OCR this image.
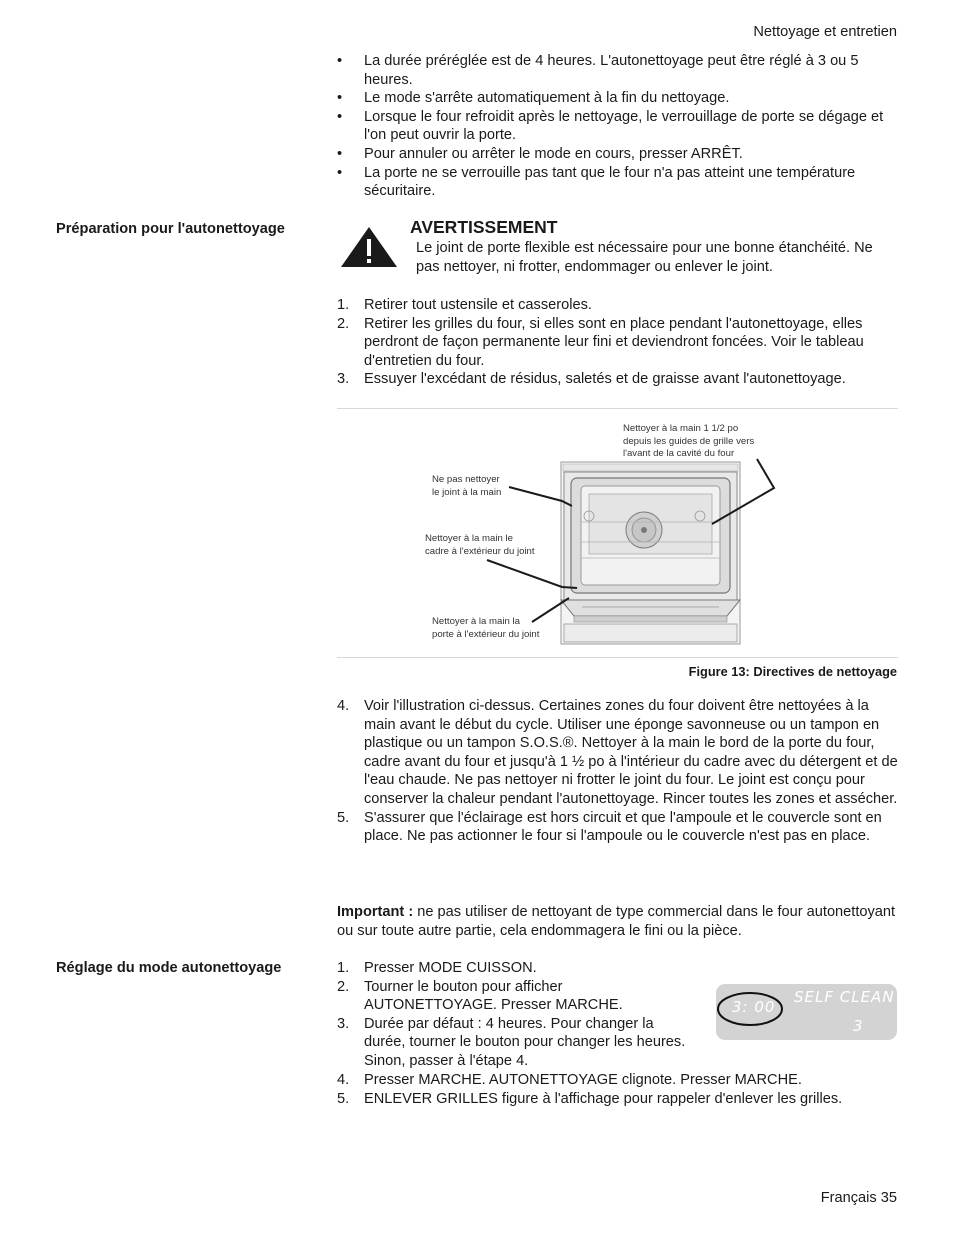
Nettoyage et entretien
• La durée préréglée est de 4 heures. L'autonettoyage peut être réglé à 3 ou 5 heures.
• Le mode s'arrête automatiquement à la fin du nettoyage.
• Lorsque le four refroidit après le nettoyage, le verrouillage de porte se dégage et l'on peut ouvrir la porte.
• Pour annuler ou arrêter le mode en cours, presser ARRÊT.
• La porte ne se verrouille pas tant que le four n'a pas atteint une température sécuritaire.
Préparation pour l'autonettoyage	AVERTISSEMENT
Le joint de porte flexible est nécessaire pour une bonne étanchéité. Ne pas nettoyer, ni frotter, endommager ou enlever le joint.
1. Retirer tout ustensile et casseroles.
2. Retirer les grilles du four, si elles sont en place pendant l'autonettoyage, elles perdront de façon permanente leur fini et deviendront foncées. Voir le tableau d'entretien du four.
3. Essuyer l'excédant de résidus, saletés et de graisse avant l'autonettoyage.
Nettoyer à la main 1 1/2 po
depuis les guides de grille vers
l'avant de la cavité du four
Ne pas nettoyer
le joint à la main
Nettoyer à la main le
cadre à l'extérieur du joint
Nettoyer à la main la
porte à l'extérieur du joint
Figure 13: Directives de nettoyage
4. Voir l'illustration ci-dessus. Certaines zones du four doivent être nettoyées à la main avant le début du cycle. Utiliser une éponge savonneuse ou un tampon en plastique ou un tampon S.O.S.®. Nettoyer à la main le bord de la porte du four, cadre avant du four et jusqu'à 1 ½ po à l'intérieur du cadre avec du détergent et de l'eau chaude. Ne pas nettoyer ni frotter le joint du four. Le joint est conçu pour conserver la chaleur pendant l'autonettoyage. Rincer toutes les zones et assécher.
5. S'assurer que l'éclairage est hors circuit et que l'ampoule et le couvercle sont en place. Ne pas actionner le four si l'ampoule ou le couvercle n'est pas en place.
Important : ne pas utiliser de nettoyant de type commercial dans le four autonettoyant ou sur toute autre partie, cela endommagera le fini ou la pièce.
Réglage du mode autonettoyage	1. Presser MODE CUISSON.
2. Tourner le bouton pour afficher AUTONETTOYAGE. Presser MARCHE.
3. Durée par défaut : 4 heures. Pour changer la durée, tourner le bouton pour changer les heures. Sinon, passer à l'étape 4.
4. Presser MARCHE. AUTONETTOYAGE clignote. Presser MARCHE.
5. ENLEVER GRILLES figure à l'affichage pour rappeler d'enlever les grilles.
3: 00
SELF CLEAN
3
Français 35
